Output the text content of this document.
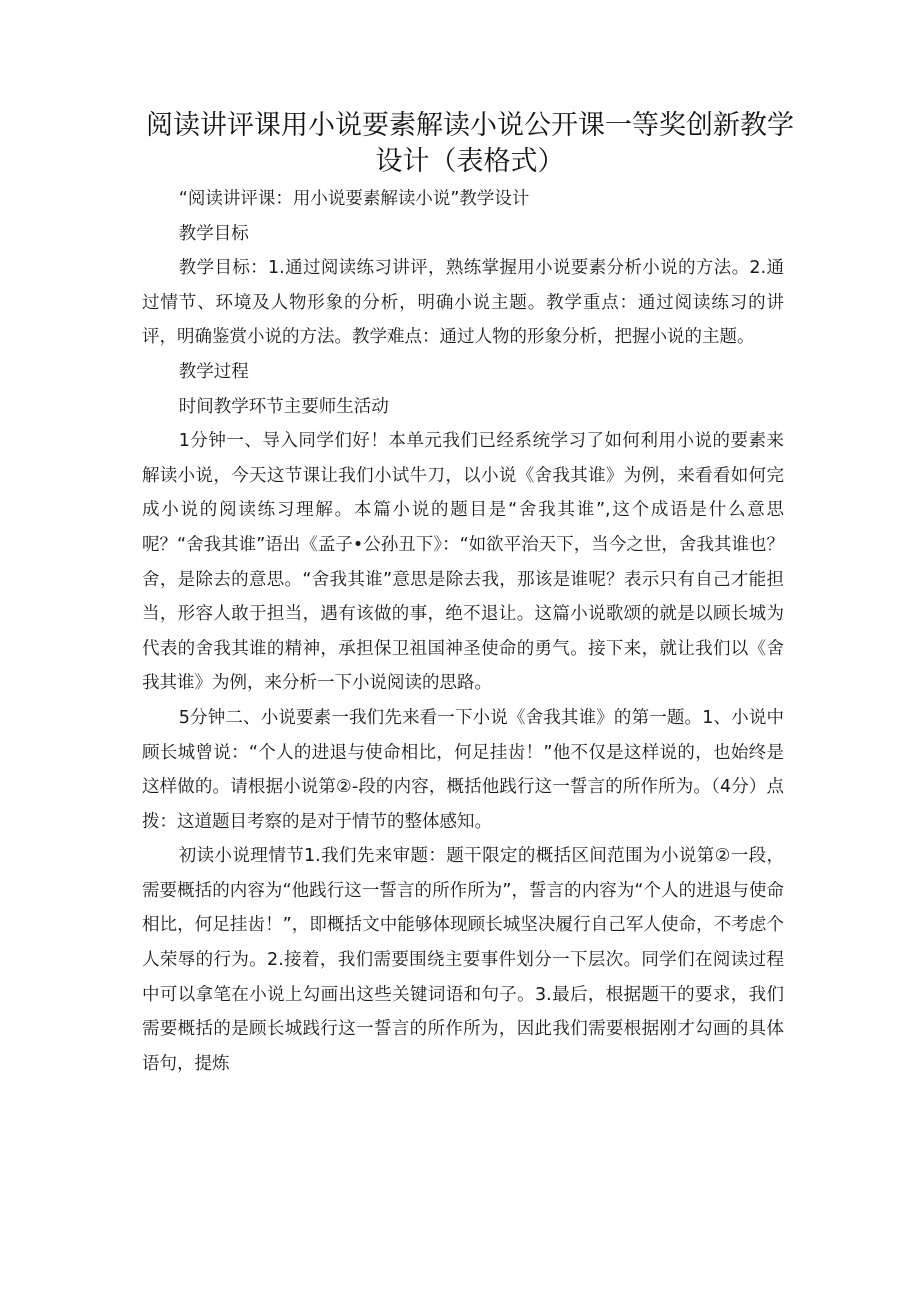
阅读讲评课用小说要素解读小说公开课一等奖创新教学设计（表格式）

“阅读讲评课：用小说要素解读小说”教学设计

教学目标

教学目标：1.通过阅读练习讲评，熟练掌握用小说要素分析小说的方法。2.通过情节、环境及人物形象的分析，明确小说主题。教学重点：通过阅读练习的讲评，明确鉴赏小说的方法。教学难点：通过人物的形象分析，把握小说的主题。

教学过程

时间教学环节主要师生活动

1分钟一、导入同学们好！本单元我们已经系统学习了如何利用小说的要素来解读小说，今天这节课让我们小试牛刀，以小说《舍我其谁》为例，来看看如何完成小说的阅读练习理解。本篇小说的题目是“舍我其谁”,这个成语是什么意思呢？“舍我其谁”语出《孟子•公孙丑下》：“如欲平治天下，当今之世，舍我其谁也？舍，是除去的意思。“舍我其谁”意思是除去我，那该是谁呢？表示只有自己才能担当，形容人敢于担当，遇有该做的事，绝不退让。这篇小说歌颂的就是以顾长城为代表的舍我其谁的精神，承担保卫祖国神圣使命的勇气。接下来，就让我们以《舍我其谁》为例，来分析一下小说阅读的思路。

5分钟二、小说要素一我们先来看一下小说《舍我其谁》的第一题。1、小说中顾长城曾说：“个人的进退与使命相比，何足挂齿！”他不仅是这样说的，也始终是这样做的。请根据小说第②-段的内容，概括他践行这一誓言的所作所为。（4分）点拨：这道题目考察的是对于情节的整体感知。

初读小说理情节1.我们先来审题：题干限定的概括区间范围为小说第②一段，需要概括的内容为“他践行这一誓言的所作所为”，誓言的内容为“个人的进退与使命相比，何足挂齿！”，即概括文中能够体现顾长城坚决履行自己军人使命，不考虑个人荣辱的行为。2.接着，我们需要围绕主要事件划分一下层次。同学们在阅读过程中可以拿笔在小说上勾画出这些关键词语和句子。3.最后，根据题干的要求，我们需要概括的是顾长城践行这一誓言的所作所为，因此我们需要根据刚才勾画的具体语句，提炼
